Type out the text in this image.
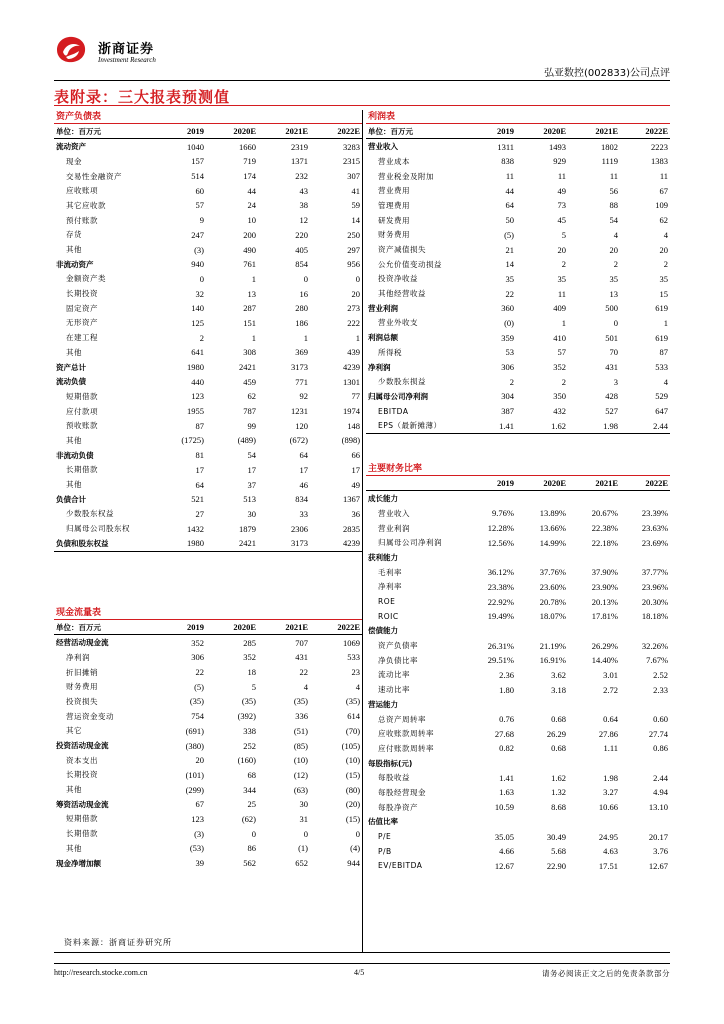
浙商证券
Investment Research
弘亚数控(002833)公司点评
表附录：三大报表预测值
资产负债表				
单位：百万元	2019	2020E	2021E	2022E
流动资产	1040	1660	2319	3283
现金	157	719	1371	2315
交易性金融资产	514	174	232	307
应收账项	60	44	43	41
其它应收款	57	24	38	59
预付账款	9	10	12	14
存货	247	200	220	250
其他	(3)	490	405	297
非流动资产	940	761	854	956
金额资产类	0	1	0	0
长期投资	32	13	16	20
固定资产	140	287	280	273
无形资产	125	151	186	222
在建工程	2	1	1	1
其他	641	308	369	439
资产总计	1980	2421	3173	4239
流动负债	440	459	771	1301
短期借款	123	62	92	77
应付款项	1955	787	1231	1974
预收账款	87	99	120	148
其他	(1725)	(489)	(672)	(898)
非流动负债	81	54	64	66
长期借款	17	17	17	17
其他	64	37	46	49
负债合计	521	513	834	1367
少数股东权益	27	30	33	36
归属母公司股东权	1432	1879	2306	2835
负债和股东权益	1980	2421	3173	4239
现金流量表				
单位：百万元	2019	2020E	2021E	2022E
经营活动现金流	352	285	707	1069
净利润	306	352	431	533
折旧摊销	22	18	22	23
财务费用	(5)	5	4	4
投资损失	(35)	(35)	(35)	(35)
营运资金变动	754	(392)	336	614
其它	(691)	338	(51)	(70)
投资活动现金流	(380)	252	(85)	(105)
资本支出	20	(160)	(10)	(10)
长期投资	(101)	68	(12)	(15)
其他	(299)	344	(63)	(80)
筹资活动现金流	67	25	30	(20)
短期借款	123	(62)	31	(15)
长期借款	(3)	0	0	0
其他	(53)	86	(1)	(4)
现金净增加额	39	562	652	944

利润表				
单位：百万元	2019	2020E	2021E	2022E
营业收入	1311	1493	1802	2223
营业成本	838	929	1119	1383
营业税金及附加	11	11	11	11
营业费用	44	49	56	67
管理费用	64	73	88	109
研发费用	50	45	54	62
财务费用	(5)	5	4	4
资产减值损失	21	20	20	20
公允价值变动损益	14	2	2	2
投资净收益	35	35	35	35
其他经营收益	22	11	13	15
营业利润	360	409	500	619
营业外收支	(0)	1	0	1
利润总额	359	410	501	619
所得税	53	57	70	87
净利润	306	352	431	533
少数股东损益	2	2	3	4
归属母公司净利润	304	350	428	529
EBITDA	387	432	527	647
EPS（最新摊薄）	1.41	1.62	1.98	2.44
主要财务比率				
	2019	2020E	2021E	2022E
成长能力				
营业收入	9.76%	13.89%	20.67%	23.39%
营业利润	12.28%	13.66%	22.38%	23.63%
归属母公司净利润	12.56%	14.99%	22.18%	23.69%
获利能力				
毛利率	36.12%	37.76%	37.90%	37.77%
净利率	23.38%	23.60%	23.90%	23.96%
ROE	22.92%	20.78%	20.13%	20.30%
ROIC	19.49%	18.07%	17.81%	18.18%
偿债能力				
资产负债率	26.31%	21.19%	26.29%	32.26%
净负债比率	29.51%	16.91%	14.40%	7.67%
流动比率	2.36	3.62	3.01	2.52
速动比率	1.80	3.18	2.72	2.33
营运能力				
总资产周转率	0.76	0.68	0.64	0.60
应收账款周转率	27.68	26.29	27.86	27.74
应付账款周转率	0.82	0.68	1.11	0.86
每股指标(元)				
每股收益	1.41	1.62	1.98	2.44
每股经营现金	1.63	1.32	3.27	4.94
每股净资产	10.59	8.68	10.66	13.10
估值比率				
P/E	35.05	30.49	24.95	20.17
P/B	4.66	5.68	4.63	3.76
EV/EBITDA	12.67	22.90	17.51	12.67
资料来源：浙商证券研究所
http://research.stocke.com.cn	4/5	请务必阅读正文之后的免责条款部分
